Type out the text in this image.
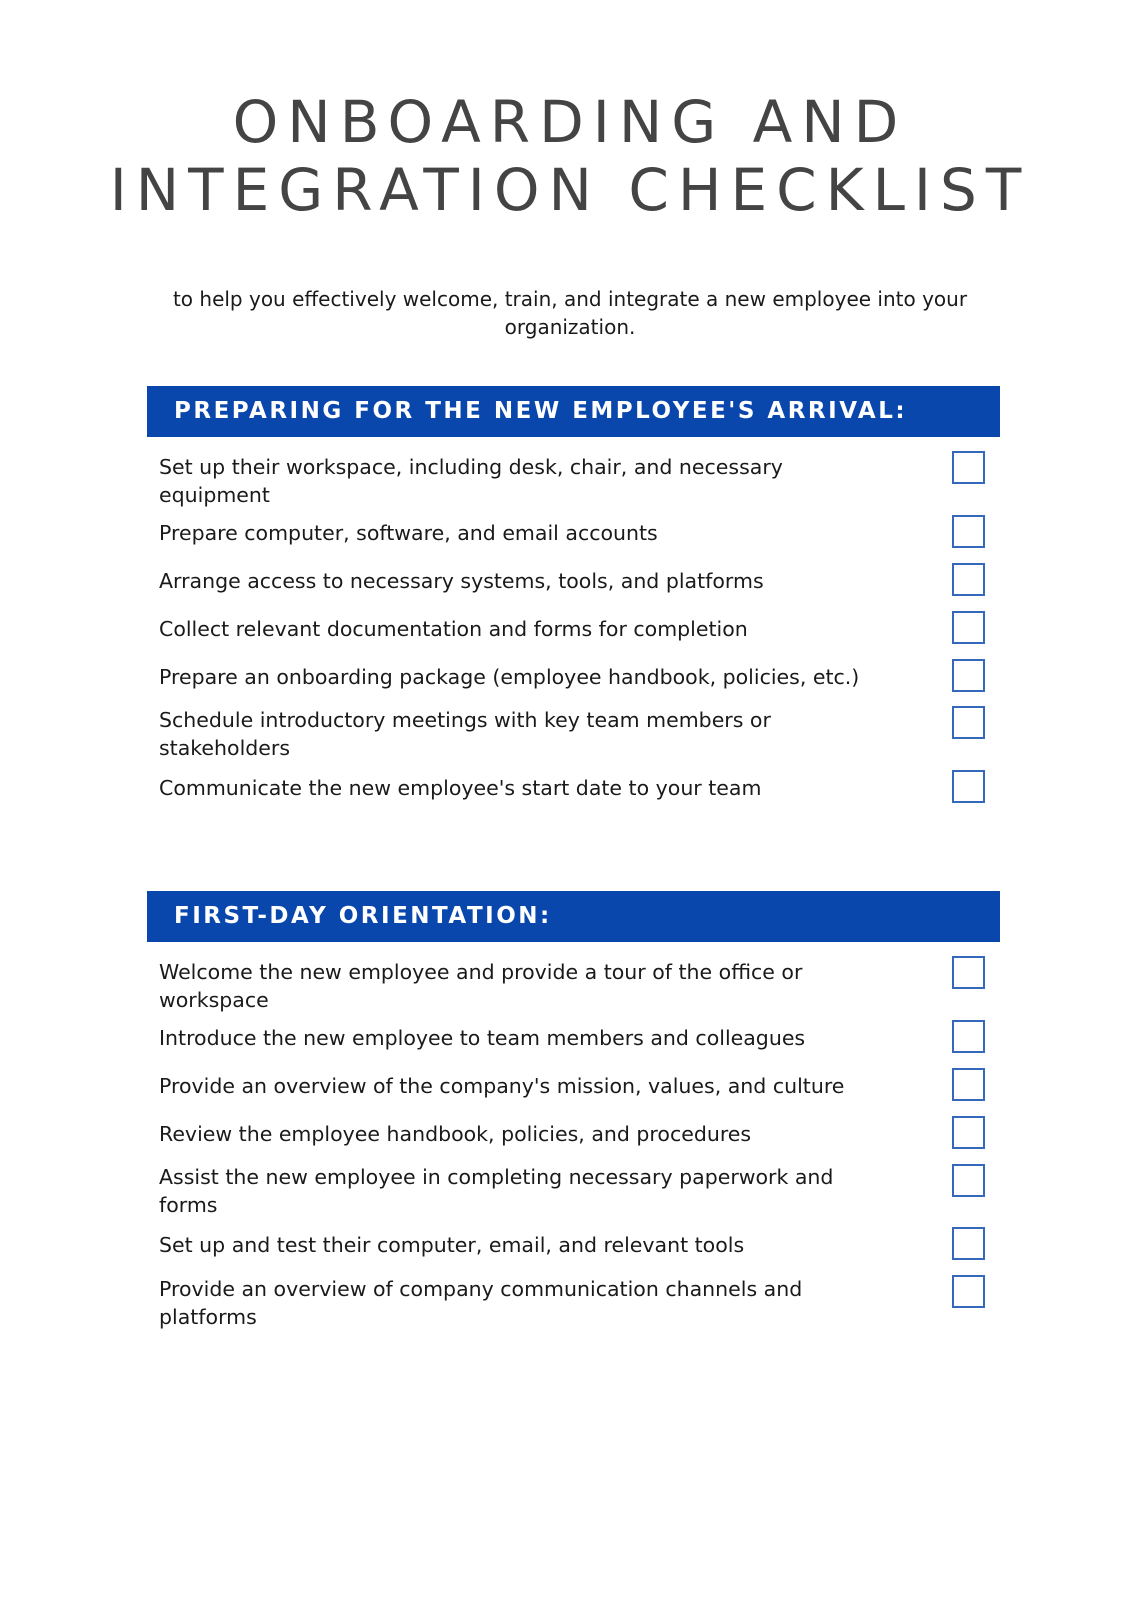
ONBOARDING AND
INTEGRATION CHECKLIST

to help you effectively welcome, train, and integrate a new employee into your organization.

PREPARING FOR THE NEW EMPLOYEE'S ARRIVAL:
Set up their workspace, including desk, chair, and necessary equipment
Prepare computer, software, and email accounts
Arrange access to necessary systems, tools, and platforms
Collect relevant documentation and forms for completion
Prepare an onboarding package (employee handbook, policies, etc.)
Schedule introductory meetings with key team members or stakeholders
Communicate the new employee's start date to your team
FIRST-DAY ORIENTATION:
Welcome the new employee and provide a tour of the office or workspace
Introduce the new employee to team members and colleagues
Provide an overview of the company's mission, values, and culture
Review the employee handbook, policies, and procedures
Assist the new employee in completing necessary paperwork and forms
Set up and test their computer, email, and relevant tools
Provide an overview of company communication channels and platforms
